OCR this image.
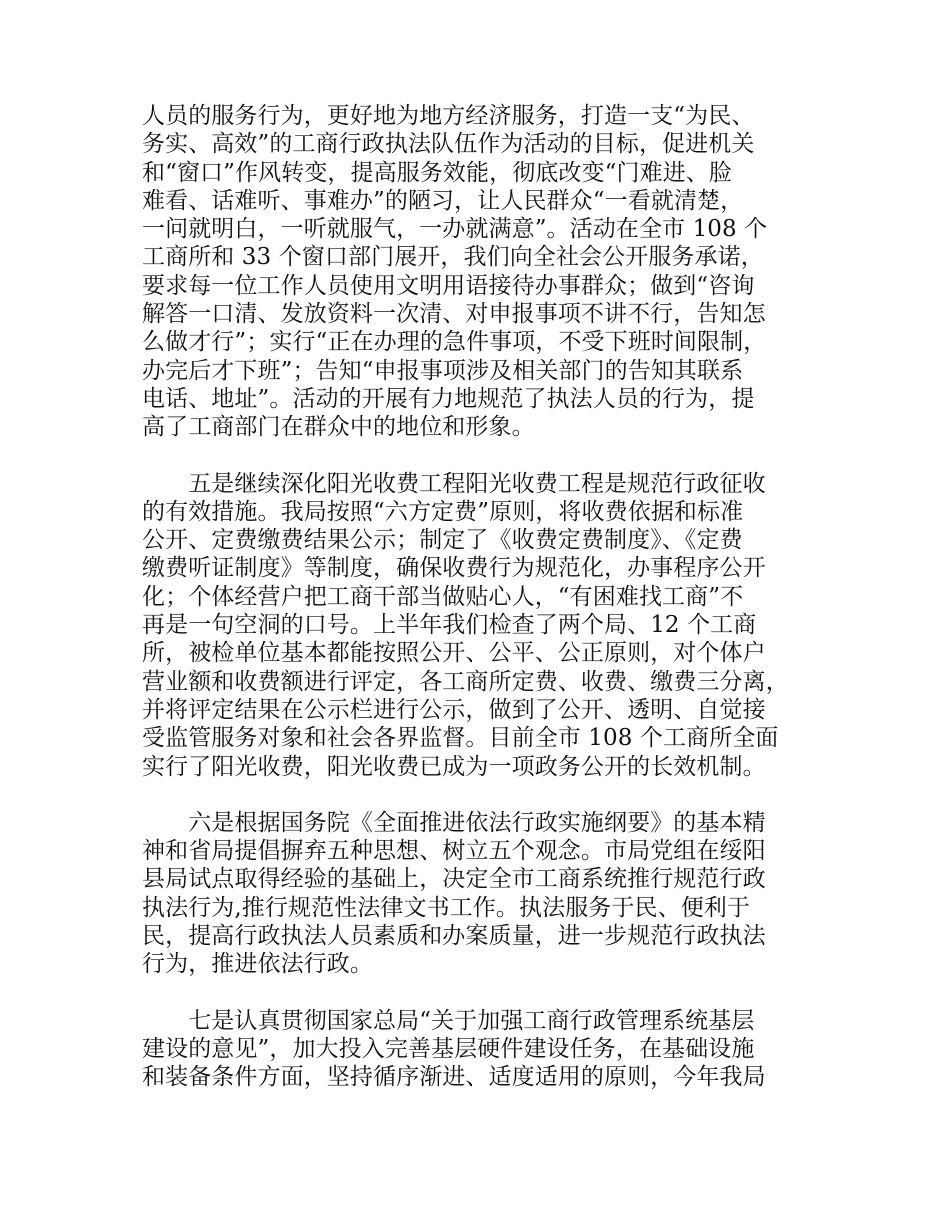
人员的服务行为，更好地为地方经济服务，打造一支“为民、
务实、高效”的工商行政执法队伍作为活动的目标，促进机关
和“窗口”作风转变，提高服务效能，彻底改变“门难进、脸
难看、话难听、事难办”的陋习，让人民群众“一看就清楚，
一问就明白，一听就服气，一办就满意”。活动在全市 108 个
工商所和 33 个窗口部门展开，我们向全社会公开服务承诺，
要求每一位工作人员使用文明用语接待办事群众；做到“咨询
解答一口清、发放资料一次清、对申报事项不讲不行，告知怎
么做才行”；实行“正在办理的急件事项，不受下班时间限制，
办完后才下班”；告知“申报事项涉及相关部门的告知其联系
电话、地址”。活动的开展有力地规范了执法人员的行为，提
高了工商部门在群众中的地位和形象。
　　五是继续深化阳光收费工程阳光收费工程是规范行政征收
的有效措施。我局按照“六方定费”原则，将收费依据和标准
公开、定费缴费结果公示；制定了《收费定费制度》、《定费
缴费听证制度》等制度，确保收费行为规范化，办事程序公开
化；个体经营户把工商干部当做贴心人，“有困难找工商”不
再是一句空洞的口号。上半年我们检查了两个局、12 个工商
所，被检单位基本都能按照公开、公平、公正原则，对个体户
营业额和收费额进行评定，各工商所定费、收费、缴费三分离，
并将评定结果在公示栏进行公示，做到了公开、透明、自觉接
受监管服务对象和社会各界监督。目前全市 108 个工商所全面
实行了阳光收费，阳光收费已成为一项政务公开的长效机制。
　　六是根据国务院《全面推进依法行政实施纲要》的基本精
神和省局提倡摒弃五种思想、树立五个观念。市局党组在绥阳
县局试点取得经验的基础上，决定全市工商系统推行规范行政
执法行为,推行规范性法律文书工作。执法服务于民、便利于
民，提高行政执法人员素质和办案质量，进一步规范行政执法
行为，推进依法行政。
　　七是认真贯彻国家总局“关于加强工商行政管理系统基层
建设的意见”，加大投入完善基层硬件建设任务，在基础设施
和装备条件方面，坚持循序渐进、适度适用的原则，今年我局
